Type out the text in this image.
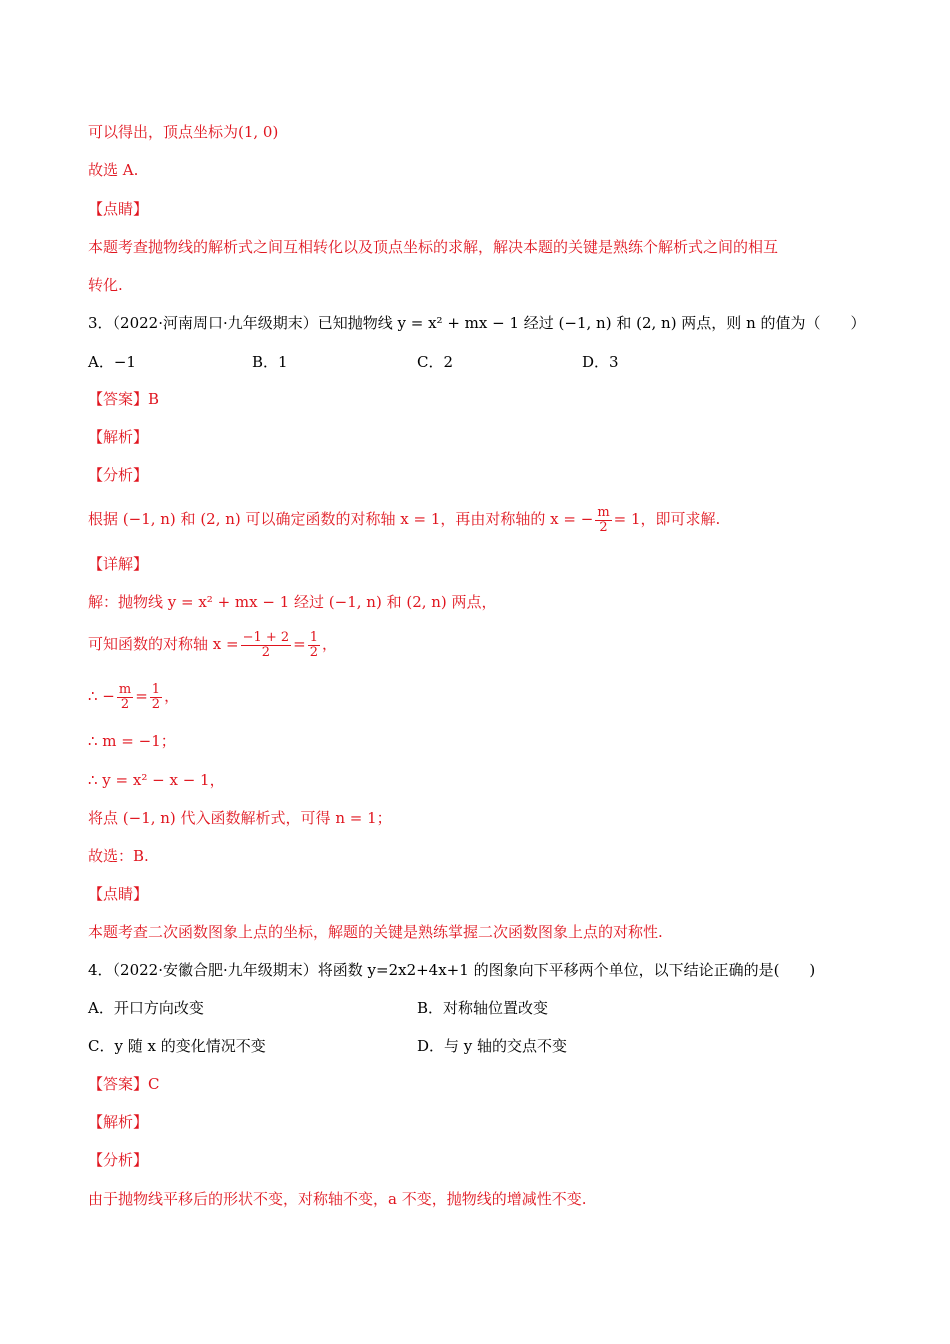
可以得出，顶点坐标为(1, 0)
故选 A.
【点睛】
本题考查抛物线的解析式之间互相转化以及顶点坐标的求解，解决本题的关键是熟练个解析式之间的相互
转化.
3．（2022·河南周口·九年级期末）已知抛物线 y = x² + mx − 1 经过 (−1, n) 和 (2, n) 两点，则 n 的值为（　　）
A．−1	B．1	C．2	D．3
【答案】B
【解析】
【分析】
根据 (−1, n) 和 (2, n) 可以确定函数的对称轴 x = 1，再由对称轴的 x = − $\frac{m}{2} = 1$，即可求解.
【详解】
解：抛物线 y = x² + mx − 1 经过 (−1, n) 和 (2, n) 两点，
可知函数的对称轴 $x = \frac{-1 + 2}{2} = \frac{1}{2}$ ，
∴ − $\frac{m}{2} = \frac{1}{2}$ ，
∴ m = −1；
∴ y = x² − x − 1，
将点 (−1, n) 代入函数解析式，可得 n = 1；
故选：B.
【点睛】
本题考查二次函数图象上点的坐标，解题的关键是熟练掌握二次函数图象上点的对称性.
4．（2022·安徽合肥·九年级期末）将函数 y=2x2+4x+1 的图象向下平移两个单位，以下结论正确的是(　　)
A．开口方向改变	B．对称轴位置改变
C．y 随 x 的变化情况不变	D．与 y 轴的交点不变
【答案】C
【解析】
【分析】
由于抛物线平移后的形状不变，对称轴不变，a 不变，抛物线的增减性不变.
